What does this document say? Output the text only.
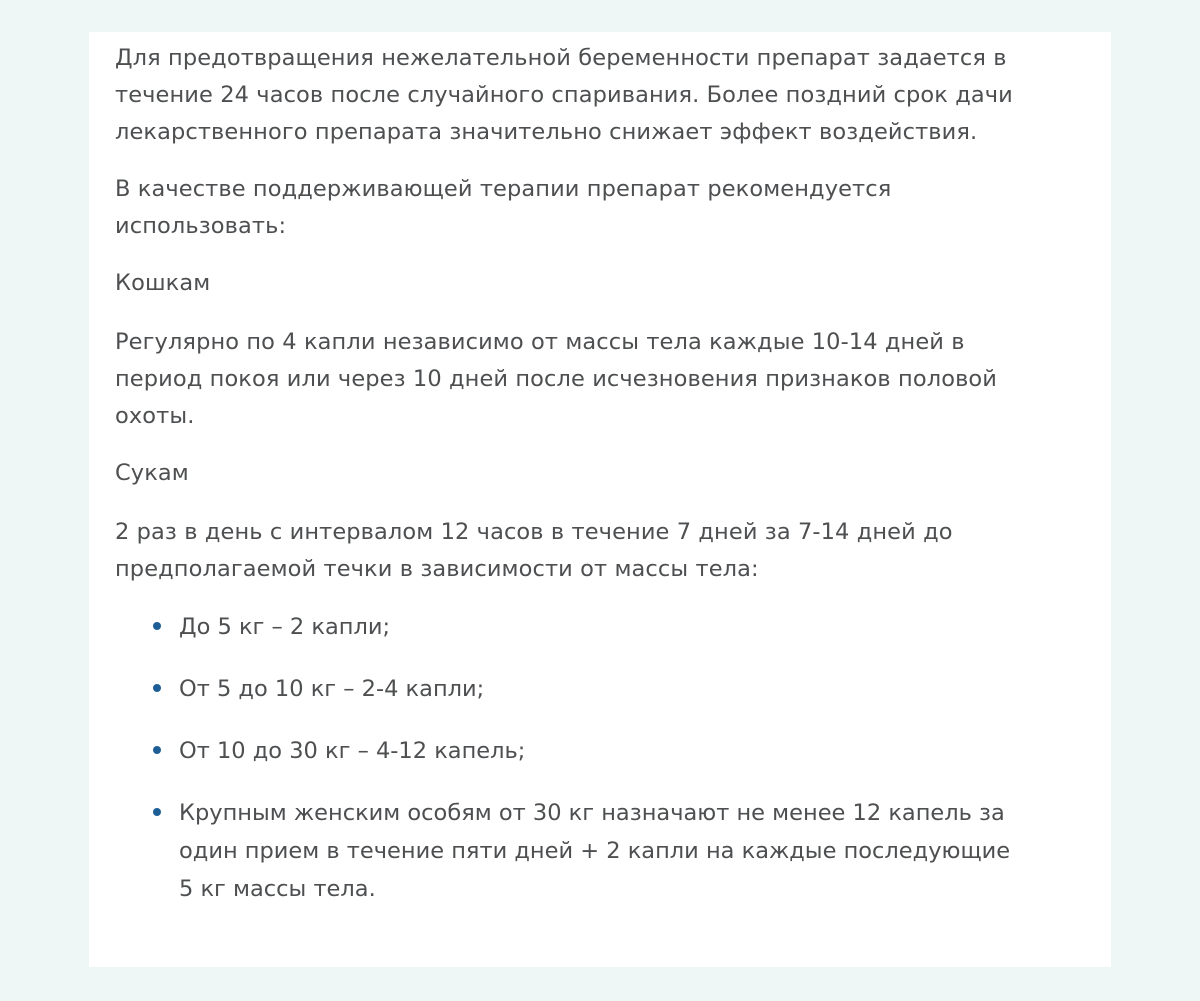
Для предотвращения нежелательной беременности препарат задается в течение 24 часов после случайного спаривания. Более поздний срок дачи лекарственного препарата значительно снижает эффект воздействия.

В качестве поддерживающей терапии препарат рекомендуется использовать:

Кошкам

Регулярно по 4 капли независимо от массы тела каждые 10-14 дней в период покоя или через 10 дней после исчезновения признаков половой охоты.

Сукам

2 раз в день с интервалом 12 часов в течение 7 дней за 7-14 дней до предполагаемой течки в зависимости от массы тела:

До 5 кг – 2 капли;
От 5 до 10 кг – 2-4 капли;
От 10 до 30 кг – 4-12 капель;
Крупным женским особям от 30 кг назначают не менее 12 капель за один прием в течение пяти дней + 2 капли на каждые последующие 5 кг массы тела.
